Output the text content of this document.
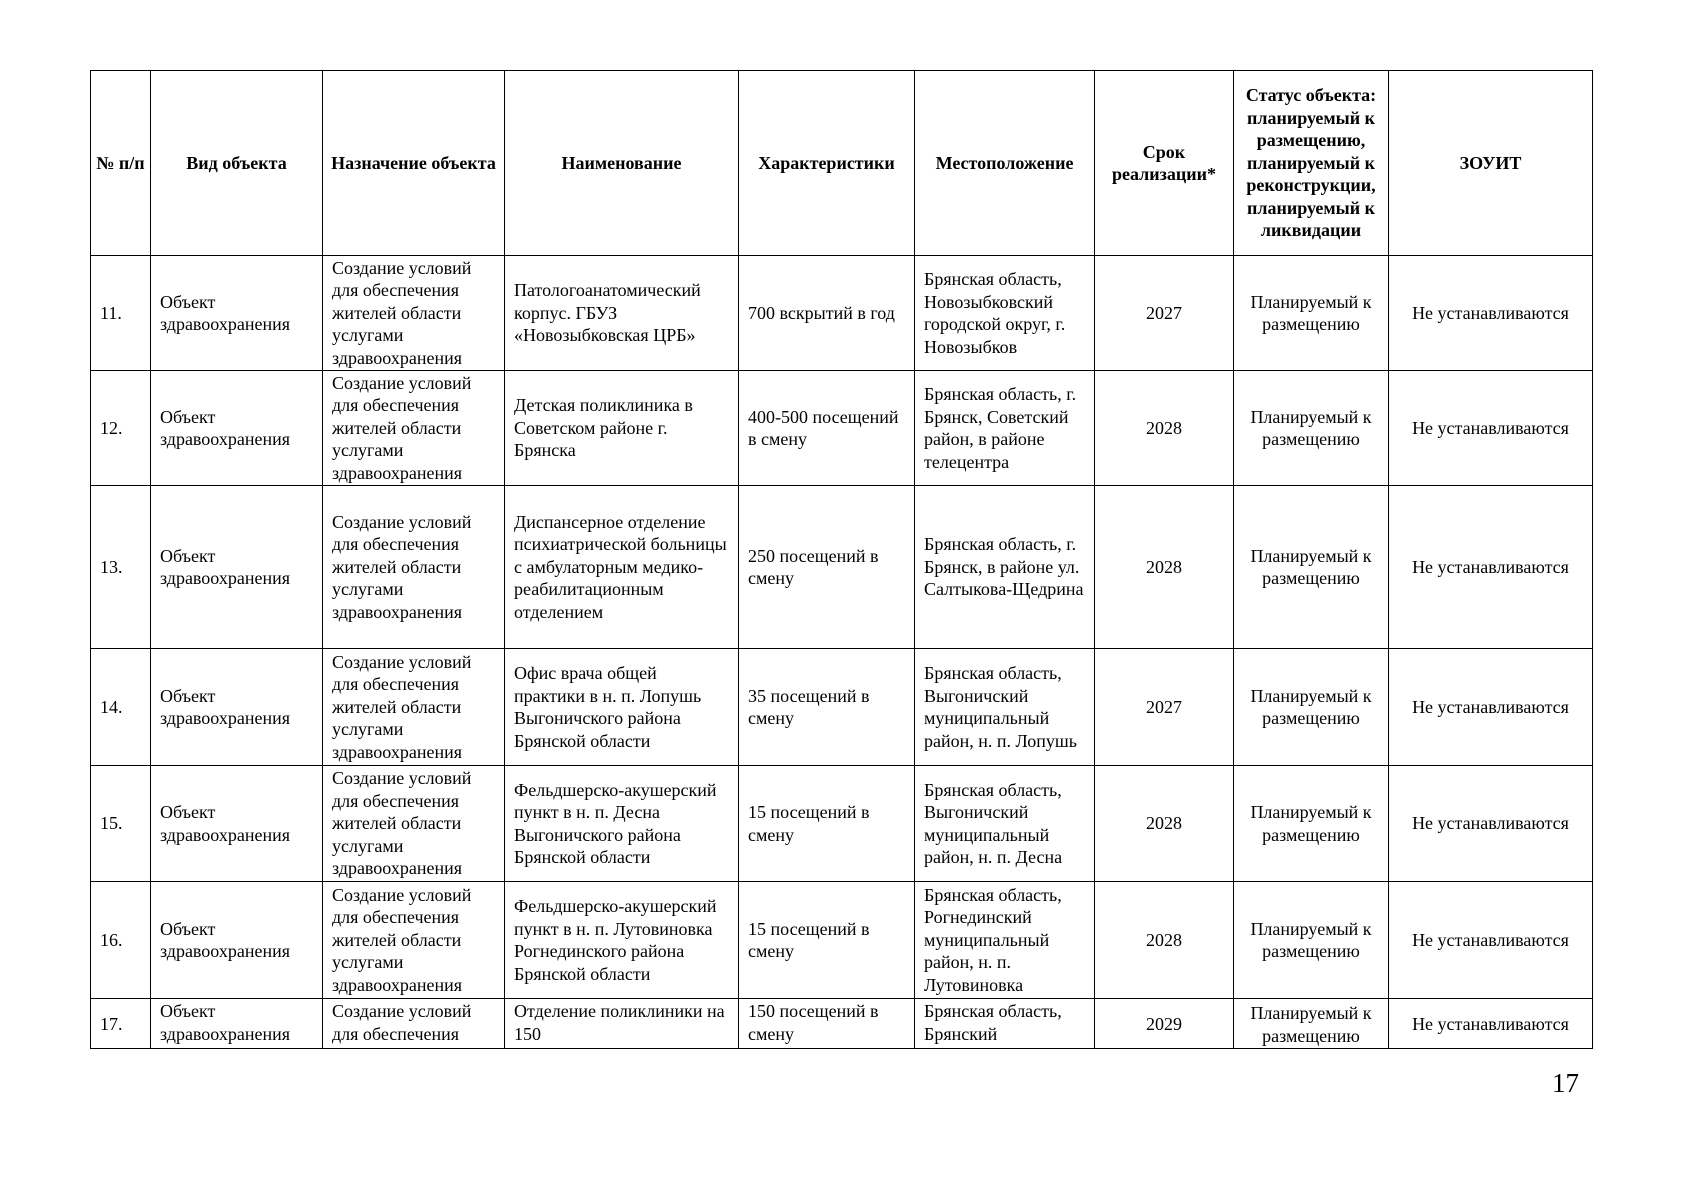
№ п/п	Вид объекта	Назначение объекта	Наименование	Характеристики	Местоположение	Срок реализации*	Статус объекта: планируемый к размещению, планируемый к реконструкции, планируемый к ликвидации	ЗОУИТ
11.	Объект здравоохранения	Создание условий для обеспечения жителей области услугами здравоохранения	Патологоанатомический корпус. ГБУЗ «Новозыбковская ЦРБ»	700 вскрытий в год	Брянская область, Новозыбковский городской округ, г. Новозыбков	2027	Планируемый к размещению	Не устанавливаются
12.	Объект здравоохранения	Создание условий для обеспечения жителей области услугами здравоохранения	Детская поликлиника в Советском районе г. Брянска	400-500 посещений в смену	Брянская область, г. Брянск, Советский район, в районе телецентра	2028	Планируемый к размещению	Не устанавливаются
13.	Объект здравоохранения	Создание условий для обеспечения жителей области услугами здравоохранения	Диспансерное отделение психиатрической больницы с амбулаторным медико-реабилитационным отделением	250 посещений в смену	Брянская область, г. Брянск, в районе ул. Салтыкова-Щедрина	2028	Планируемый к размещению	Не устанавливаются
14.	Объект здравоохранения	Создание условий для обеспечения жителей области услугами здравоохранения	Офис врача общей практики в н. п. Лопушь Выгоничского района Брянской области	35 посещений в смену	Брянская область, Выгоничский муниципальный район, н. п. Лопушь	2027	Планируемый к размещению	Не устанавливаются
15.	Объект здравоохранения	Создание условий для обеспечения жителей области услугами здравоохранения	Фельдшерско-акушерский пункт в н. п. Десна Выгоничского района Брянской области	15 посещений в смену	Брянская область, Выгоничский муниципальный район, н. п. Десна	2028	Планируемый к размещению	Не устанавливаются
16.	Объект здравоохранения	Создание условий для обеспечения жителей области услугами здравоохранения	Фельдшерско-акушерский пункт в н. п. Лутовиновка Рогнединского района Брянской области	15 посещений в смену	Брянская область, Рогнединский муниципальный район, н. п. Лутовиновка	2028	Планируемый к размещению	Не устанавливаются
17.	Объект здравоохранения	Создание условий для обеспечения	Отделение поликлиники на 150	150 посещений в смену	Брянская область, Брянский	2029	Планируемый к размещению	Не устанавливаются
17
